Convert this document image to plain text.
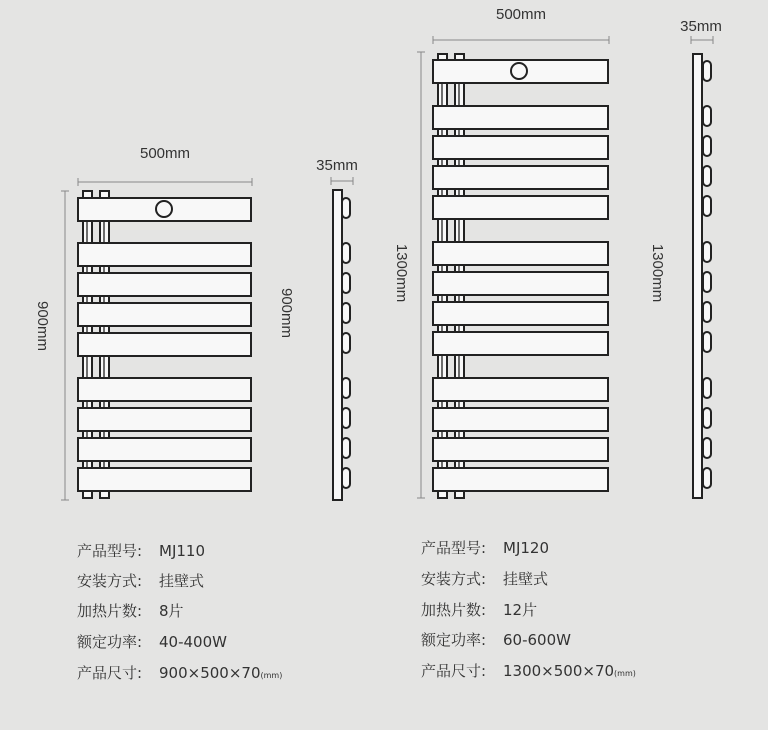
500mm
900mm
35mm
900mm
500mm
1300mm
35mm
1300mm
产品型号: MJ110
安装方式: 挂壁式
加热片数: 8片
额定功率: 40-400W
产品尺寸: 900×500×70(mm)
产品型号: MJ120
安装方式: 挂壁式
加热片数: 12片
额定功率: 60-600W
产品尺寸: 1300×500×70(mm)
